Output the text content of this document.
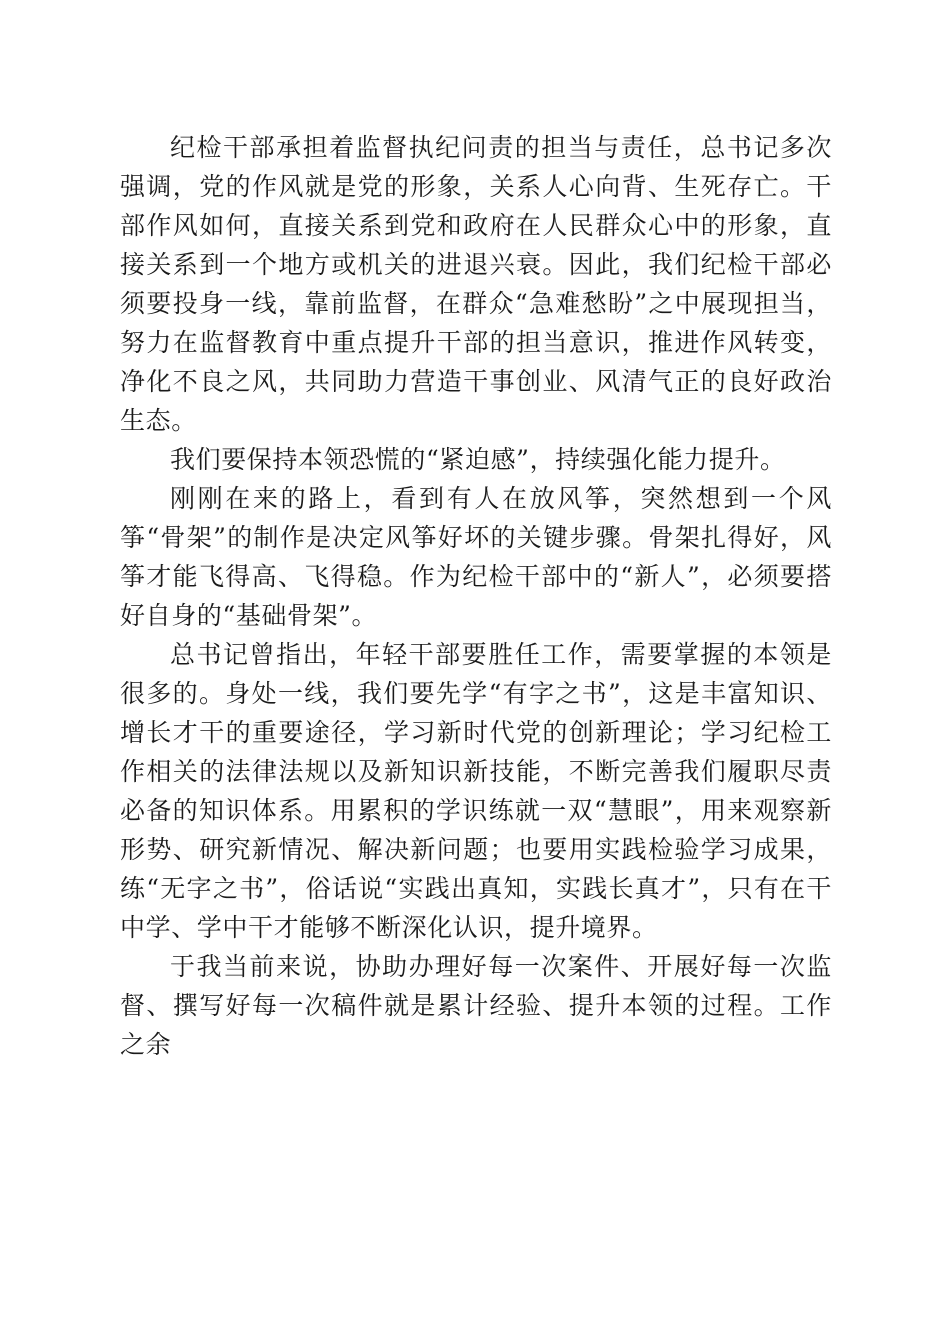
纪检干部承担着监督执纪问责的担当与责任，总书记多次强调，党的作风就是党的形象，关系人心向背、生死存亡。干部作风如何，直接关系到党和政府在人民群众心中的形象，直接关系到一个地方或机关的进退兴衰。因此，我们纪检干部必须要投身一线，靠前监督，在群众“急难愁盼”之中展现担当，努力在监督教育中重点提升干部的担当意识，推进作风转变，净化不良之风，共同助力营造干事创业、风清气正的良好政治生态。

我们要保持本领恐慌的“紧迫感”，持续强化能力提升。

刚刚在来的路上，看到有人在放风筝，突然想到一个风筝“骨架”的制作是决定风筝好坏的关键步骤。骨架扎得好，风筝才能飞得高、飞得稳。作为纪检干部中的“新人”，必须要搭好自身的“基础骨架”。

总书记曾指出，年轻干部要胜任工作，需要掌握的本领是很多的。身处一线，我们要先学“有字之书”，这是丰富知识、增长才干的重要途径，学习新时代党的创新理论；学习纪检工作相关的法律法规以及新知识新技能，不断完善我们履职尽责必备的知识体系。用累积的学识练就一双“慧眼”，用来观察新形势、研究新情况、解决新问题；也要用实践检验学习成果，练“无字之书”，俗话说“实践出真知，实践长真才”，只有在干中学、学中干才能够不断深化认识，提升境界。

于我当前来说，协助办理好每一次案件、开展好每一次监督、撰写好每一次稿件就是累计经验、提升本领的过程。工作之余
